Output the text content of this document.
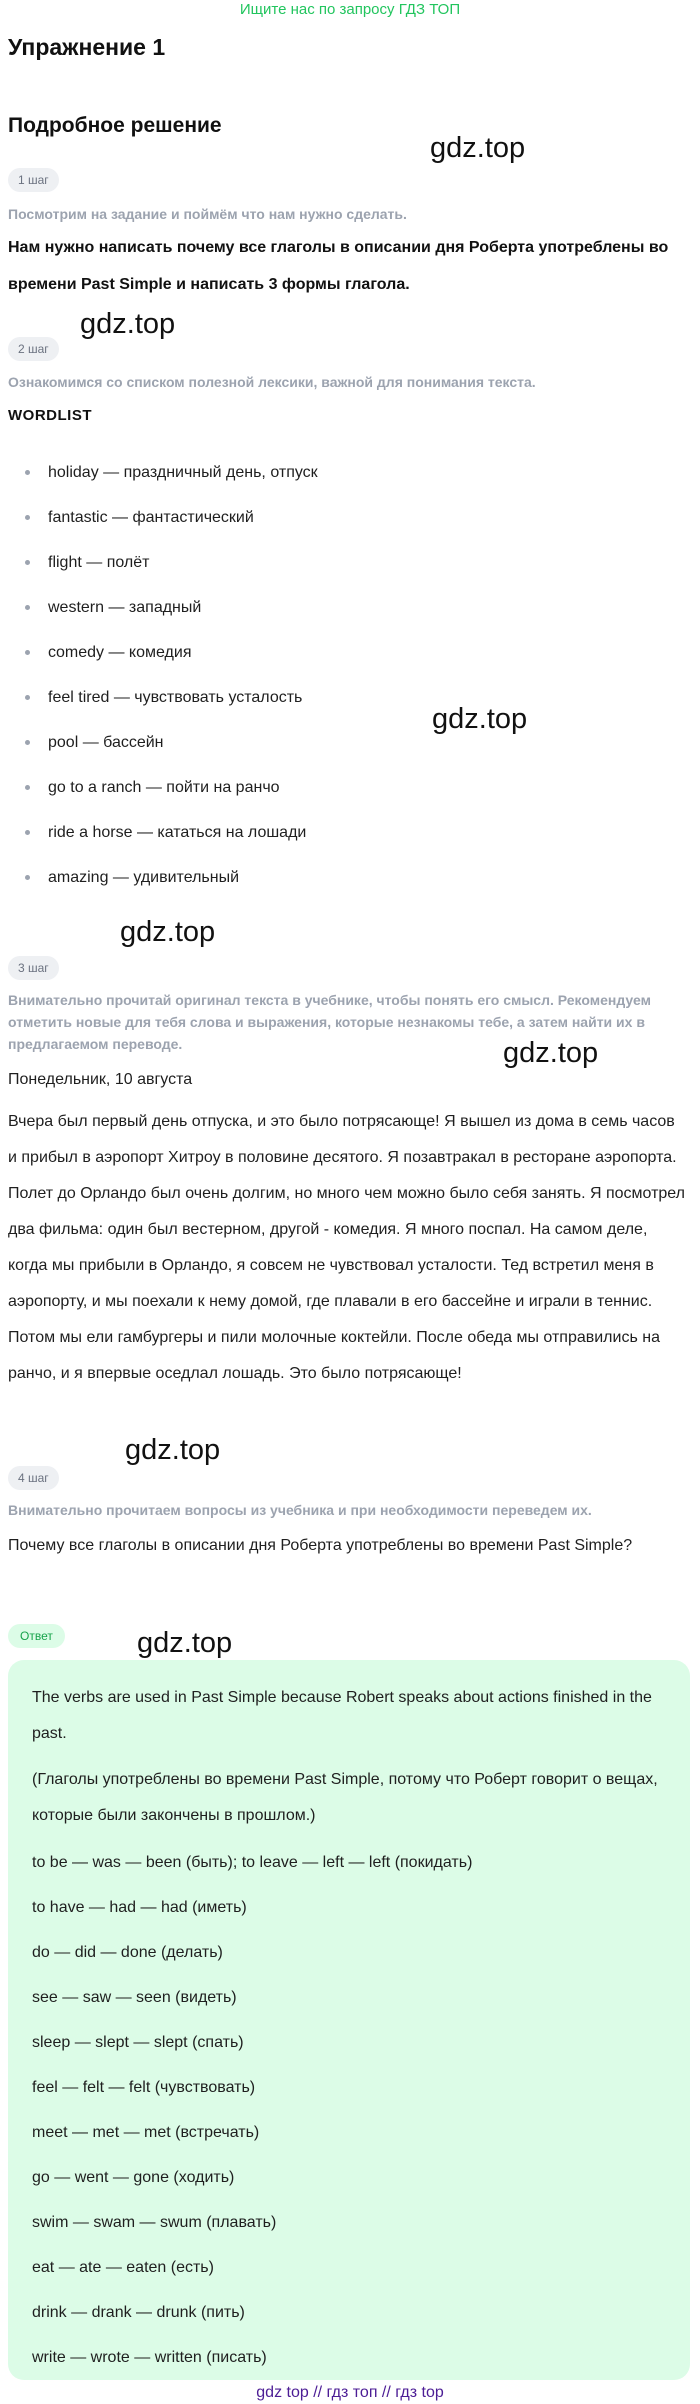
Ищите нас по запросу ГДЗ ТОП
Упражнение 1
Подробное решение
gdz.top
gdz.top
gdz.top
gdz.top
gdz.top
gdz.top
gdz.top
1 шаг
Посмотрим на задание и поймём что нам нужно сделать.
Нам нужно написать почему все глаголы в описании дня Роберта употреблены во времени Past Simple и написать 3 формы глагола.
2 шаг
Ознакомимся со списком полезной лексики, важной для понимания текста.
WORDLIST
holiday — праздничный день, отпуск
fantastic — фантастический
flight — полёт
western — западный
comedy — комедия
feel tired — чувствовать усталость
pool — бассейн
go to a ranch — пойти на ранчо
ride a horse — кататься на лошади
amazing — удивительный
3 шаг
Внимательно прочитай оригинал текста в учебнике, чтобы понять его смысл. Рекомендуем отметить новые для тебя слова и выражения, которые незнакомы тебе, а затем найти их в предлагаемом переводе.
Понедельник, 10 августа
Вчера был первый день отпуска, и это было потрясающе! Я вышел из дома в семь часов и прибыл в аэропорт Хитроу в половине десятого. Я позавтракал в ресторане аэропорта. Полет до Орландо был очень долгим, но много чем можно было себя занять. Я посмотрел два фильма: один был вестерном, другой - комедия. Я много поспал. На самом деле, когда мы прибыли в Орландо, я совсем не чувствовал усталости. Тед встретил меня в аэропорту, и мы поехали к нему домой, где плавали в его бассейне и играли в теннис. Потом мы ели гамбургеры и пили молочные коктейли. После обеда мы отправились на ранчо, и я впервые оседлал лошадь. Это было потрясающе!
4 шаг
Внимательно прочитаем вопросы из учебника и при необходимости переведем их.
Почему все глаголы в описании дня Роберта употреблены во времени Past Simple?
Ответ
The verbs are used in Past Simple because Robert speaks about actions finished in the past.
(Глаголы употреблены во времени Past Simple, потому что Роберт говорит о вещах, которые были закончены в прошлом.)
to be — was — been (быть); to leave — left — left (покидать)
to have — had — had (иметь)
do — did — done (делать)
see — saw — seen (видеть)
sleep — slept — slept (спать)
feel — felt — felt (чувствовать)
meet — met — met (встречать)
go — went — gone (ходить)
swim — swam — swum (плавать)
eat — ate — eaten (есть)
drink — drank — drunk (пить)
write — wrote — written (писать)
gdz top // гдз топ // гдз top
